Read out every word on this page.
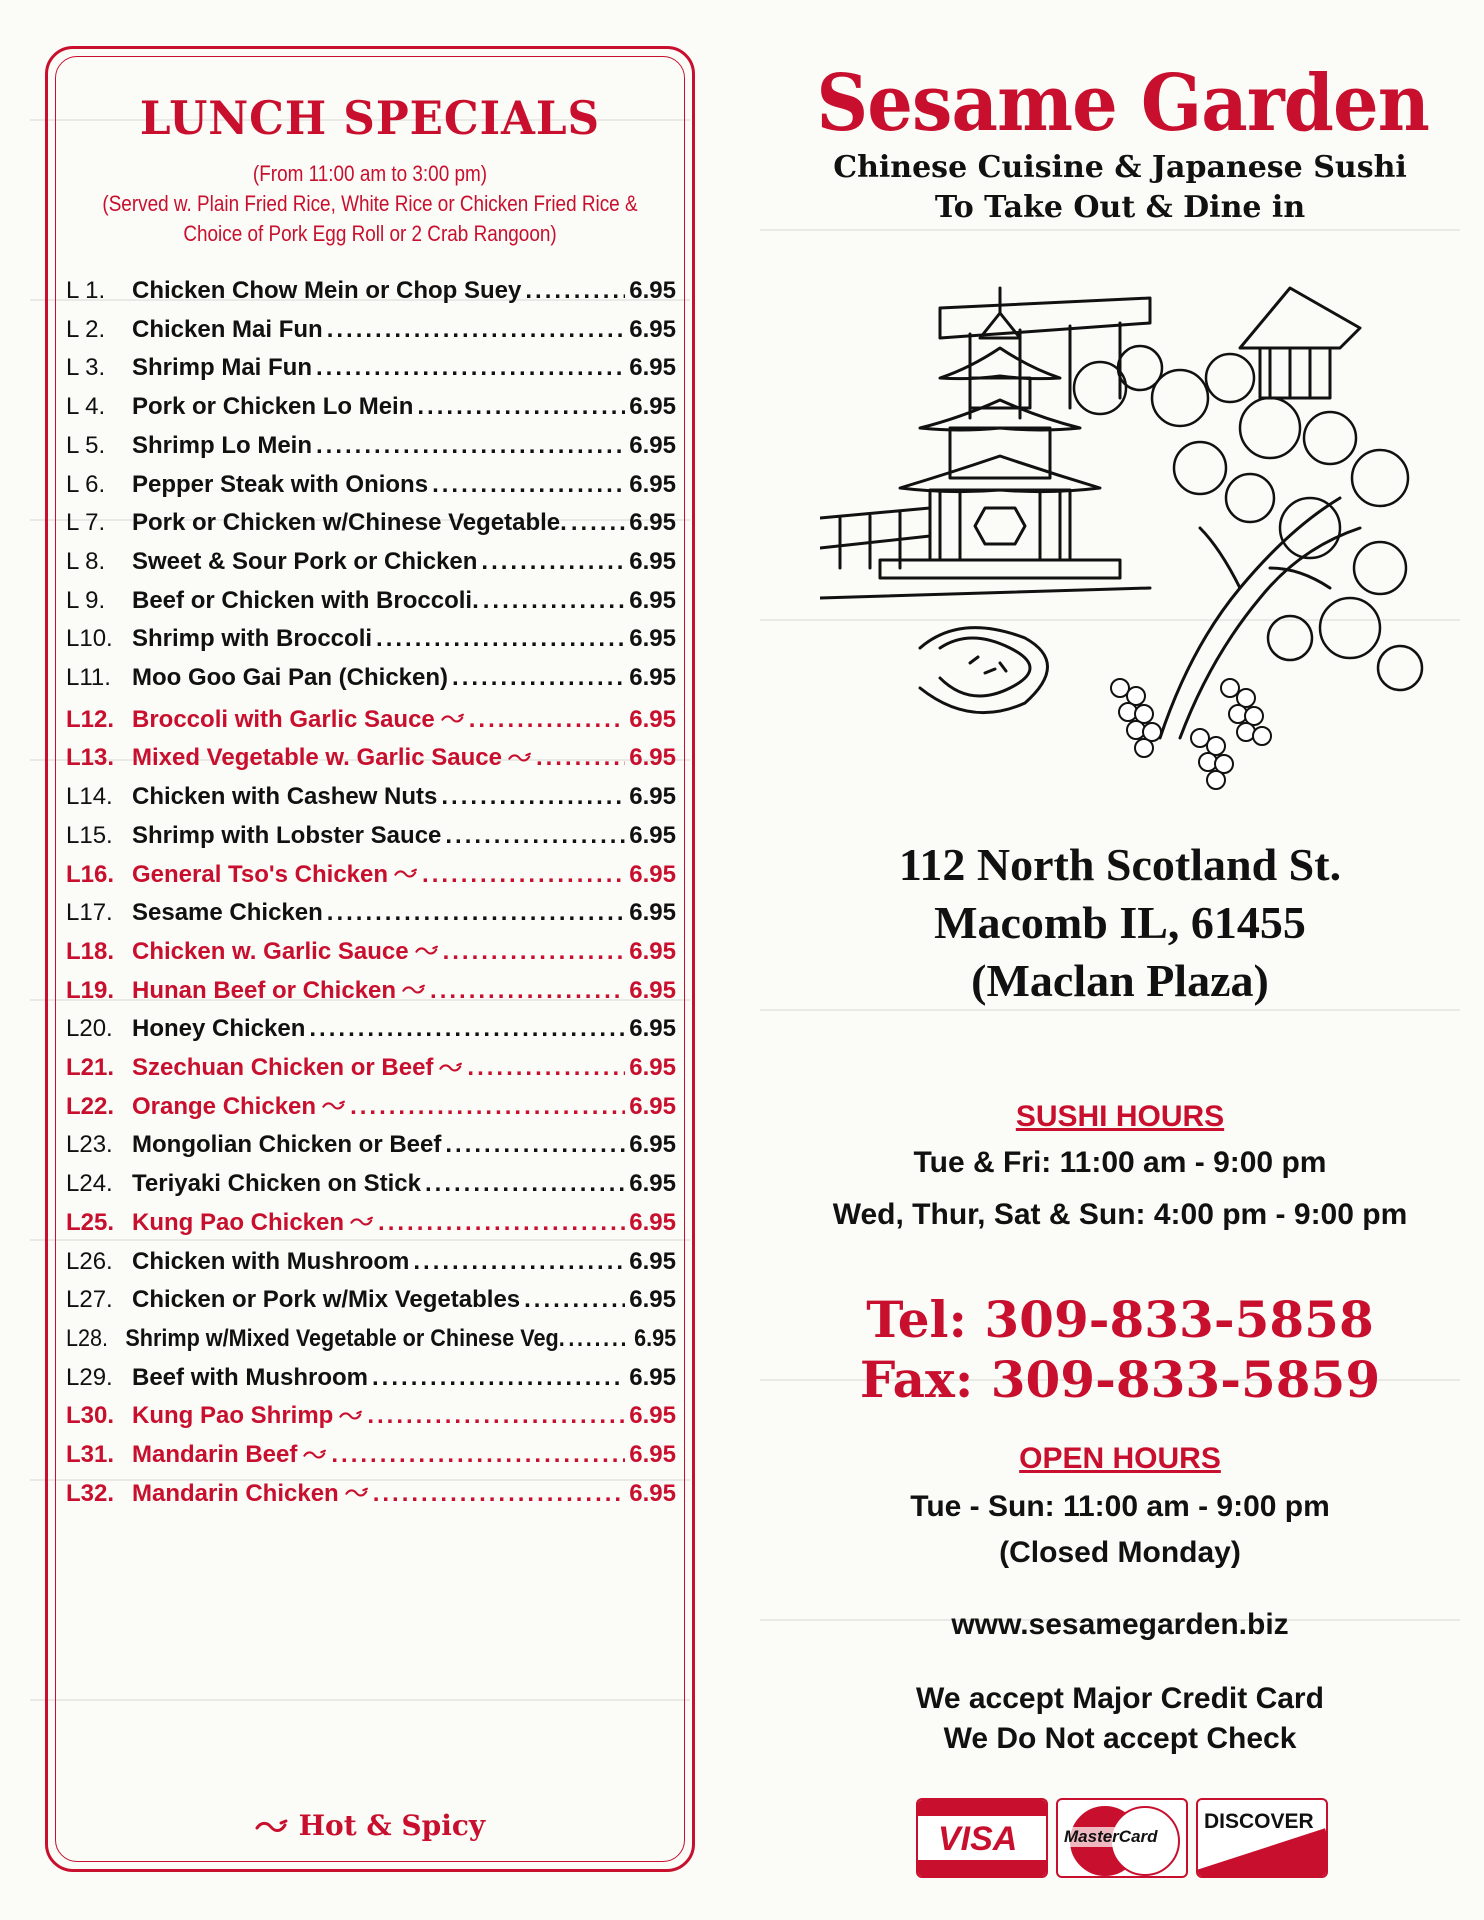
LUNCH SPECIALS
(From 11:00 am to 3:00 pm)
(Served w. Plain Fried Rice, White Rice or Chicken Fried Rice &
Choice of Pork Egg Roll or 2 Crab Rangoon)
L 1.	Chicken Chow Mein or Chop Suey .....	6.95
L 2.	Chicken Mai Fun .....	6.95
L 3.	Shrimp Mai Fun .....	6.95
L 4.	Pork or Chicken Lo Mein .....	6.95
L 5.	Shrimp Lo Mein .....	6.95
L 6.	Pepper Steak with Onions .....	6.95
L 7.	Pork or Chicken w/Chinese Vegetable. .....	6.95
L 8.	Sweet & Sour Pork or Chicken .....	6.95
L 9.	Beef or Chicken with Broccoli. .....	6.95
L10. Shrimp with Broccoli .....	6.95
L11. Moo Goo Gai Pan (Chicken) .....	6.95
L12. Broccoli with Garlic Sauce .....	6.95
L13. Mixed Vegetable w. Garlic Sauce .....	6.95
L14. Chicken with Cashew Nuts .....	6.95
L15. Shrimp with Lobster Sauce .....	6.95
L16. General Tso's Chicken .....	6.95
L17. Sesame Chicken .....	6.95
L18. Chicken w. Garlic Sauce .....	6.95
L19. Hunan Beef or Chicken .....	6.95
L20. Honey Chicken .....	6.95
L21. Szechuan Chicken or Beef .....	6.95
L22. Orange Chicken .....	6.95
L23. Mongolian Chicken or Beef .....	6.95
L24. Teriyaki Chicken on Stick .....	6.95
L25. Kung Pao Chicken .....	6.95
L26. Chicken with Mushroom .....	6.95
L27. Chicken or Pork w/Mix Vegetables .....	6.95
L28. Shrimp w/Mixed Vegetable or Chinese Veg. .....	6.95
L29. Beef with Mushroom .....	6.95
L30. Kung Pao Shrimp .....	6.95
L31. Mandarin Beef .....	6.95
L32. Mandarin Chicken .....	6.95
Hot & Spicy
Sesame Garden
Chinese Cuisine & Japanese Sushi
To Take Out & Dine in
112 North Scotland St.
Macomb IL, 61455
(Maclan Plaza)
SUSHI HOURS
Tue & Fri: 11:00 am - 9:00 pm
Wed, Thur, Sat & Sun: 4:00 pm - 9:00 pm
Tel: 309-833-5858
Fax: 309-833-5859
OPEN HOURS
Tue - Sun: 11:00 am - 9:00 pm
(Closed Monday)
www.sesamegarden.biz
We accept Major Credit Card
We Do Not accept Check
VISA	MasterCard
DISCOVER
